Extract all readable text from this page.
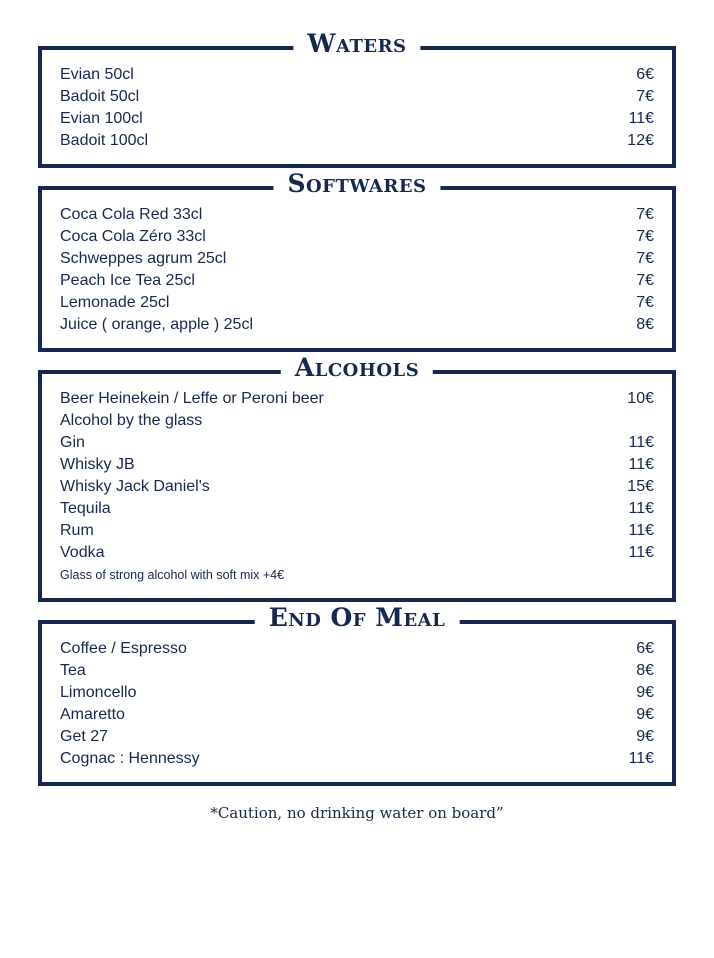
Waters
Evian 50cl	6€
Badoit 50cl	7€
Evian 100cl	11€
Badoit 100cl	12€
Softwares
Coca Cola Red 33cl	7€
Coca Cola Zéro 33cl	7€
Schweppes agrum 25cl	7€
Peach Ice Tea 25cl	7€
Lemonade 25cl	7€
Juice ( orange, apple ) 25cl	8€
Alcohols
Beer Heinekein / Leffe or Peroni beer	10€
Alcohol by the glass
Gin	11€
Whisky JB	11€
Whisky Jack Daniel's	15€
Tequila	11€
Rum	11€
Vodka	11€
Glass of strong alcohol with soft mix +4€
End Of Meal
Coffee / Espresso	6€
Tea	8€
Limoncello	9€
Amaretto	9€
Get 27	9€
Cognac : Hennessy	11€
*Caution, no drinking water on board”
